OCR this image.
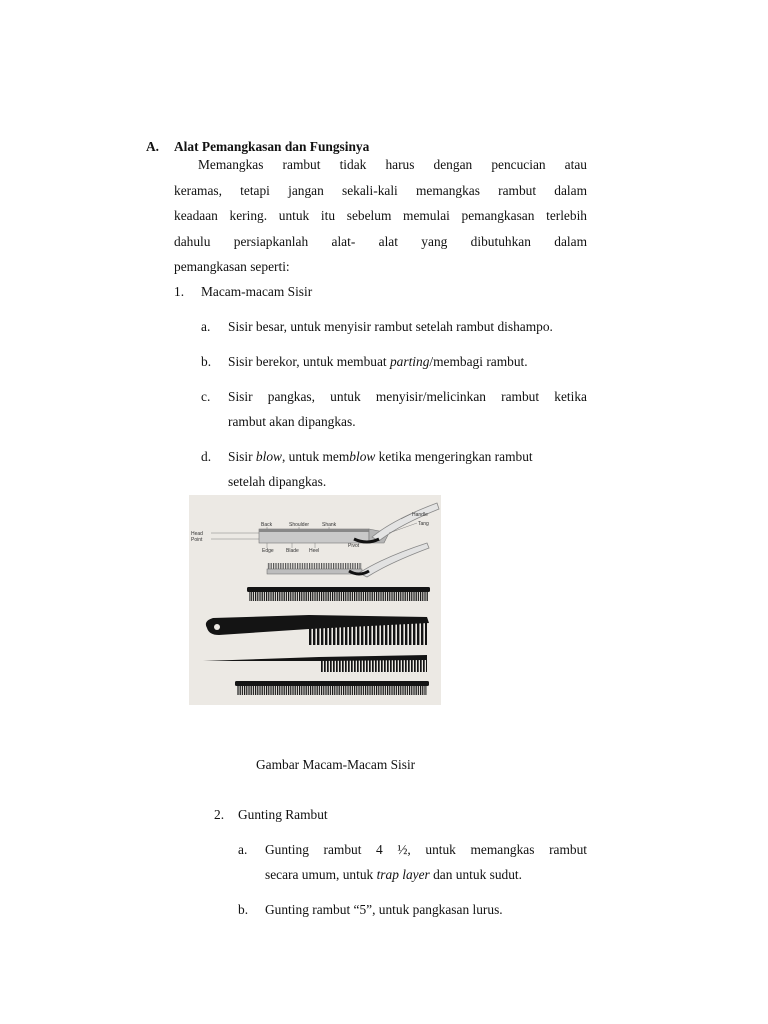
A. Alat Pemangkasan dan Fungsinya
Memangkas rambut tidak harus dengan pencucian atau
keramas, tetapi jangan sekali-kali memangkas rambut dalam
keadaan kering. untuk itu sebelum memulai pemangkasan terlebih
dahulu persiapkanlah alat- alat yang dibutuhkan dalam
pemangkasan seperti:
1. Macam-macam Sisir
a. Sisir besar, untuk menyisir rambut setelah rambut dishampo.
b. Sisir berekor, untuk membuat parting/membagi rambut.
c. Sisir pangkas, untuk menyisir/melicinkan rambut ketika
rambut akan dipangkas.
d. Sisir blow, untuk memblow ketika mengeringkan rambut
setelah dipangkas.
Back	Shoulder	Shank
Handle
Tang
Head
Point
Edge Blade Heel
Pivot
Gambar Macam-Macam Sisir
2. Gunting Rambut
a. Gunting rambut 4 ½, untuk memangkas rambut
secara umum, untuk trap layer dan untuk sudut.
b. Gunting rambut “5”, untuk pangkasan lurus.
